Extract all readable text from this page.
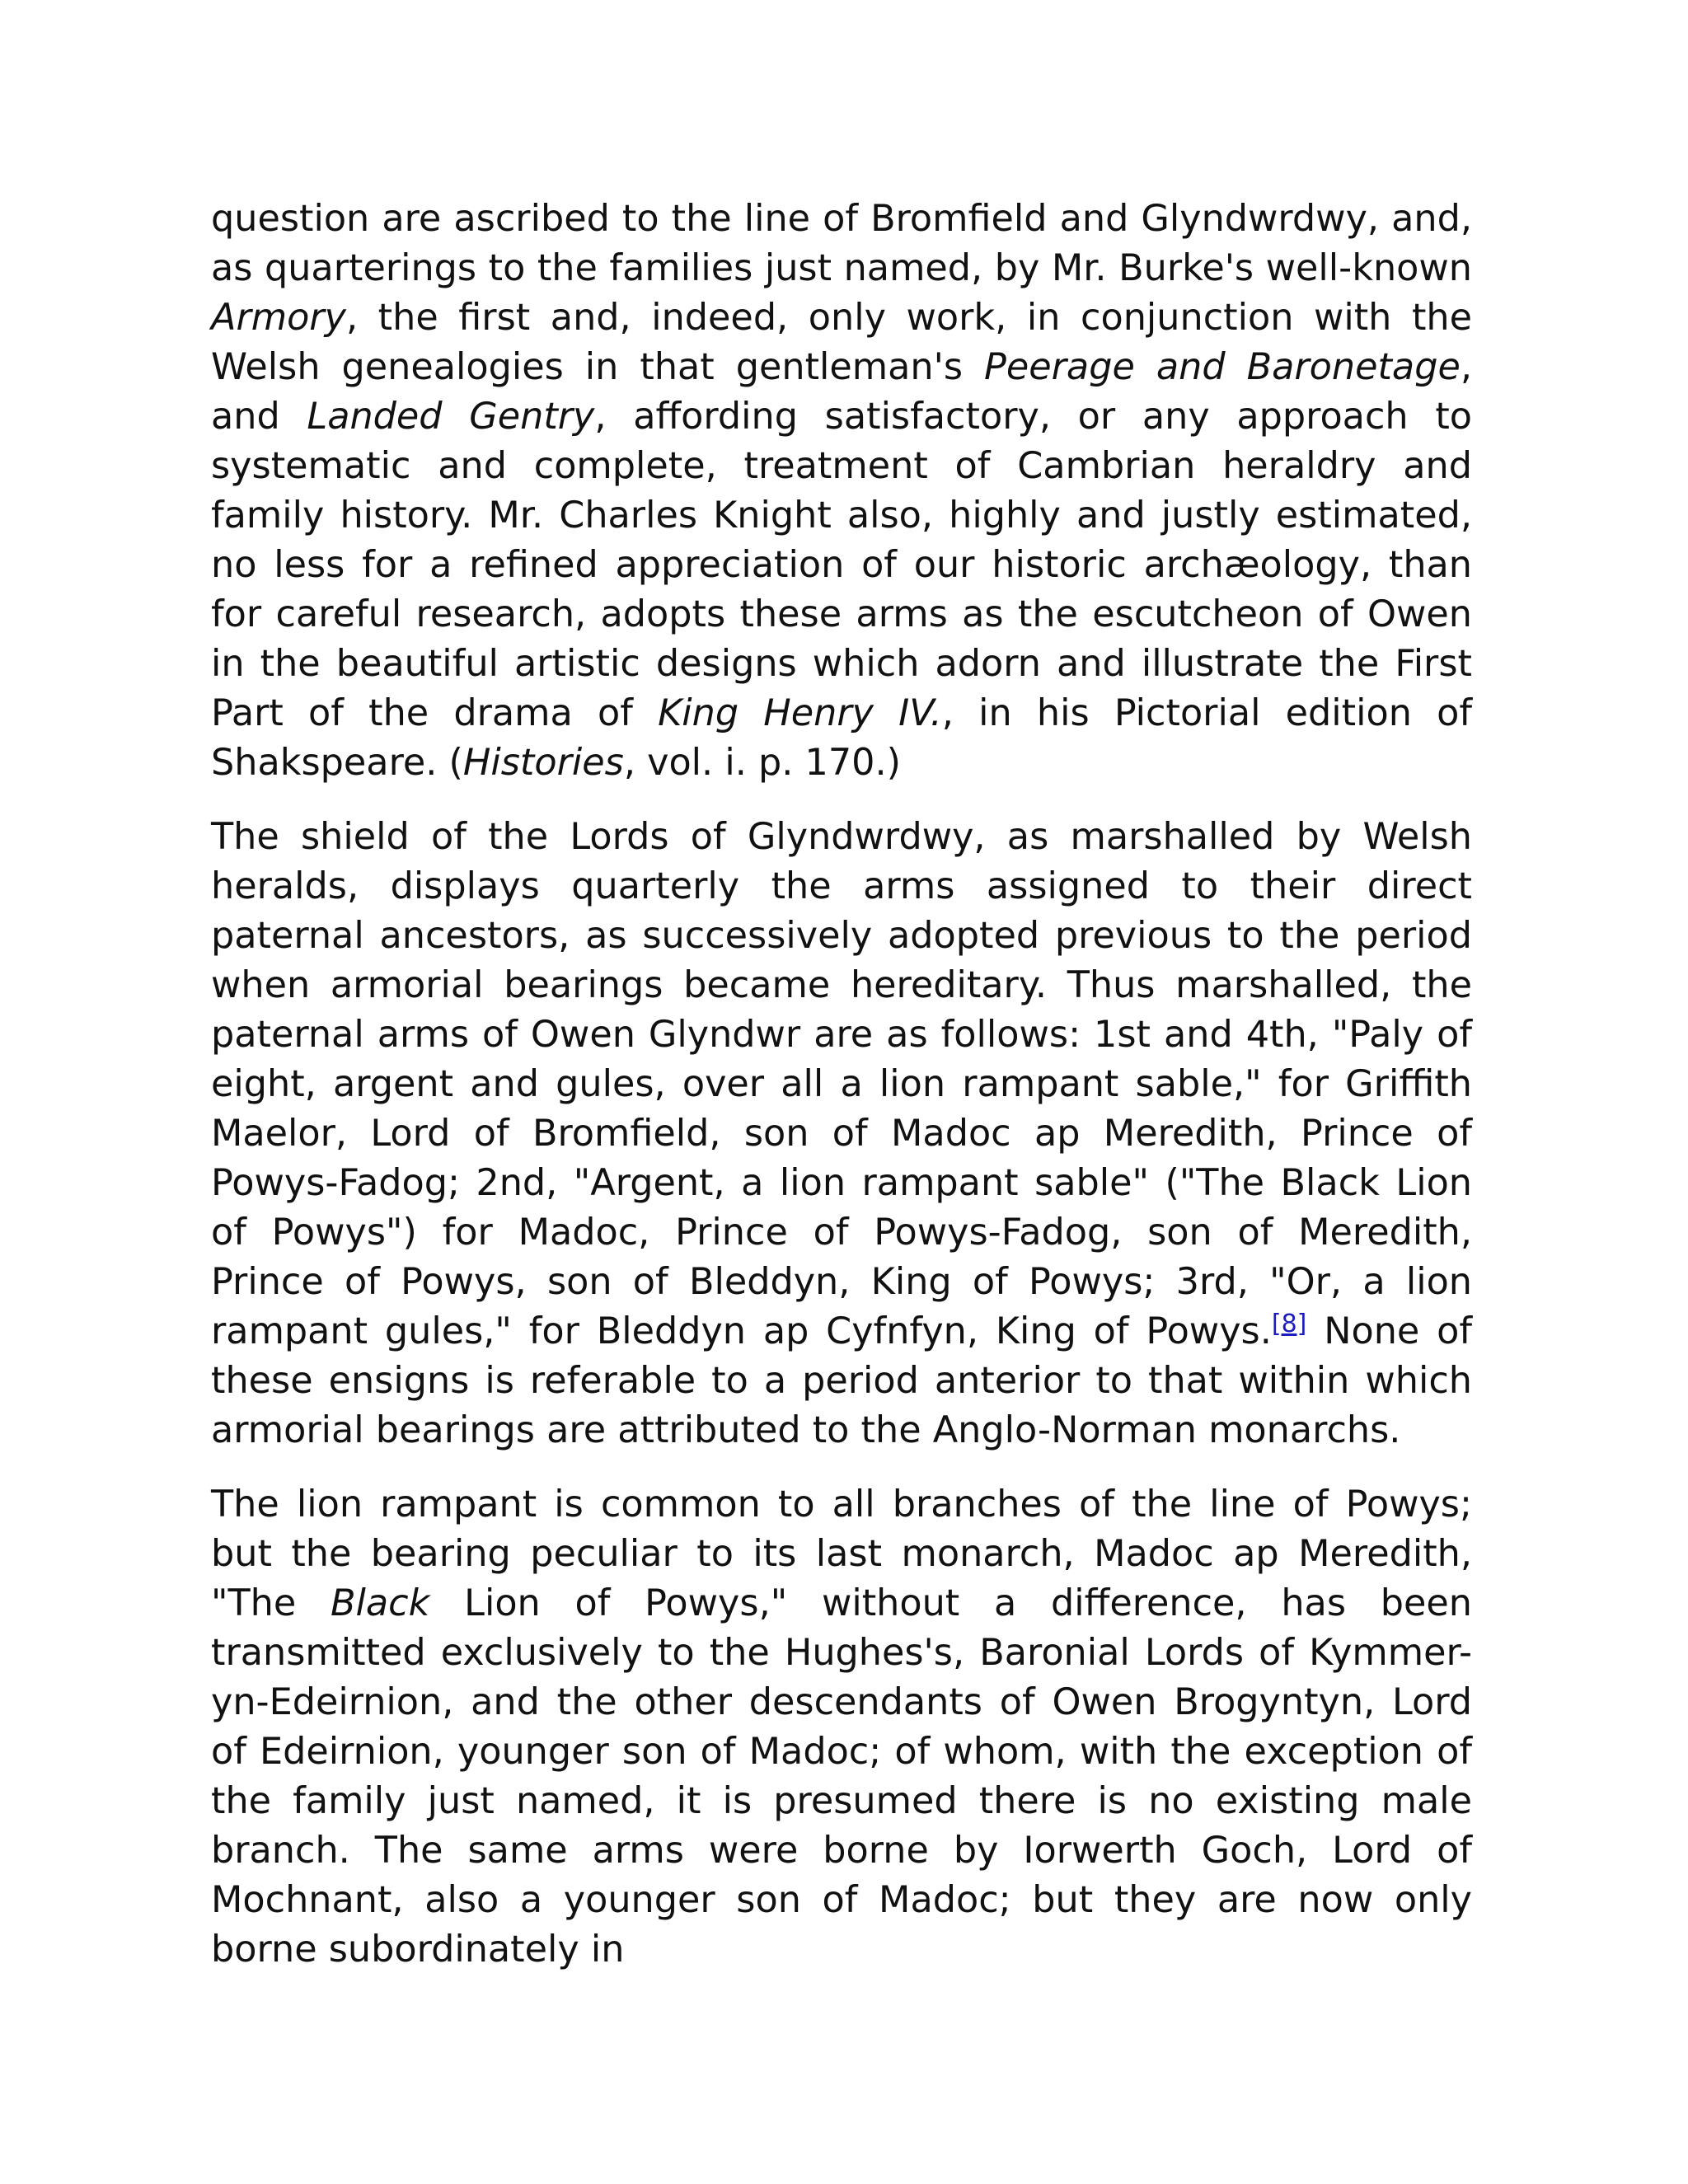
question are ascribed to the line of Bromfield and Glyndwrdwy, and, as quarterings to the families just named, by Mr. Burke's well-known Armory, the first and, indeed, only work, in conjunction with the Welsh genealogies in that gentleman's Peerage and Baronetage, and Landed Gentry, affording satisfactory, or any approach to systematic and complete, treatment of Cambrian heraldry and family history. Mr. Charles Knight also, highly and justly estimated, no less for a refined appreciation of our historic archæology, than for careful research, adopts these arms as the escutcheon of Owen in the beautiful artistic designs which adorn and illustrate the First Part of the drama of King Henry IV., in his Pictorial edition of Shakspeare. (Histories, vol. i. p. 170.)

The shield of the Lords of Glyndwrdwy, as marshalled by Welsh heralds, displays quarterly the arms assigned to their direct paternal ancestors, as successively adopted previous to the period when armorial bearings became hereditary. Thus marshalled, the paternal arms of Owen Glyndwr are as follows: 1st and 4th, "Paly of eight, argent and gules, over all a lion rampant sable," for Griffith Maelor, Lord of Bromfield, son of Madoc ap Meredith, Prince of Powys-Fadog; 2nd, "Argent, a lion rampant sable" ("The Black Lion of Powys") for Madoc, Prince of Powys-Fadog, son of Meredith, Prince of Powys, son of Bleddyn, King of Powys; 3rd, "Or, a lion rampant gules," for Bleddyn ap Cyfnfyn, King of Powys.[8] None of these ensigns is referable to a period anterior to that within which armorial bearings are attributed to the Anglo-Norman monarchs.

The lion rampant is common to all branches of the line of Powys; but the bearing peculiar to its last monarch, Madoc ap Meredith, "The Black Lion of Powys," without a difference, has been transmitted exclusively to the Hughes's, Baronial Lords of Kymmer-yn-Edeirnion, and the other descendants of Owen Brogyntyn, Lord of Edeirnion, younger son of Madoc; of whom, with the exception of the family just named, it is presumed there is no existing male branch. The same arms were borne by Iorwerth Goch, Lord of Mochnant, also a younger son of Madoc; but they are now only borne subordinately in
